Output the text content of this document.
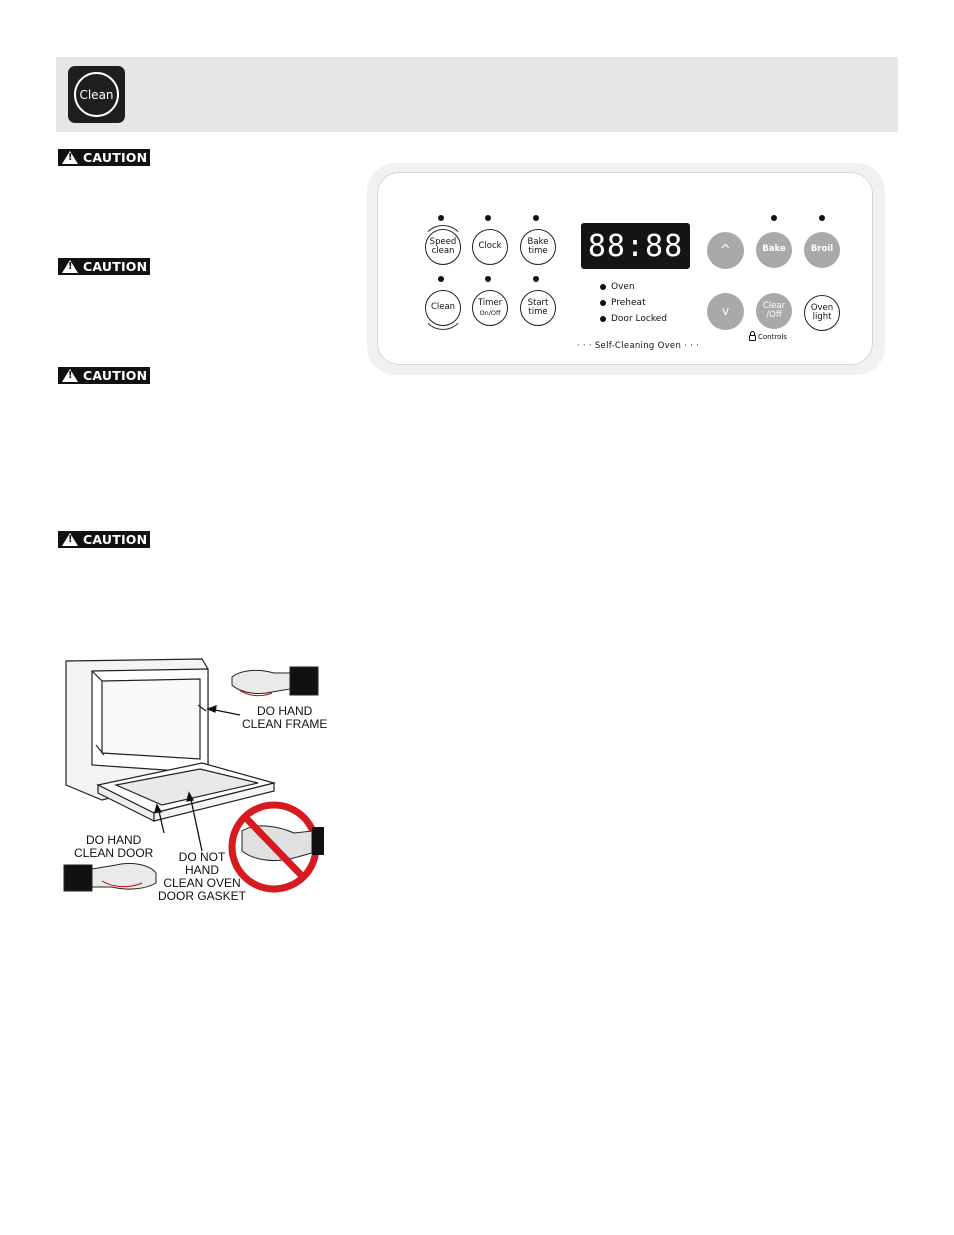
Clean
!
CAUTION
!
CAUTION
!
CAUTION
!
CAUTION
Speed
clean	Clock	Bake
time
Clean	Timer
On/Off
Start
time
88:88
Oven
Preheat
Door Locked
^
v
Bake	Broil
Clear
/Off
Controls
Oven
light
· · · Self-Cleaning Oven · · ·
DO HAND
CLEAN FRAME
DO HAND
CLEAN DOOR	DO NOT
HAND
CLEAN OVEN
DOOR GASKET
